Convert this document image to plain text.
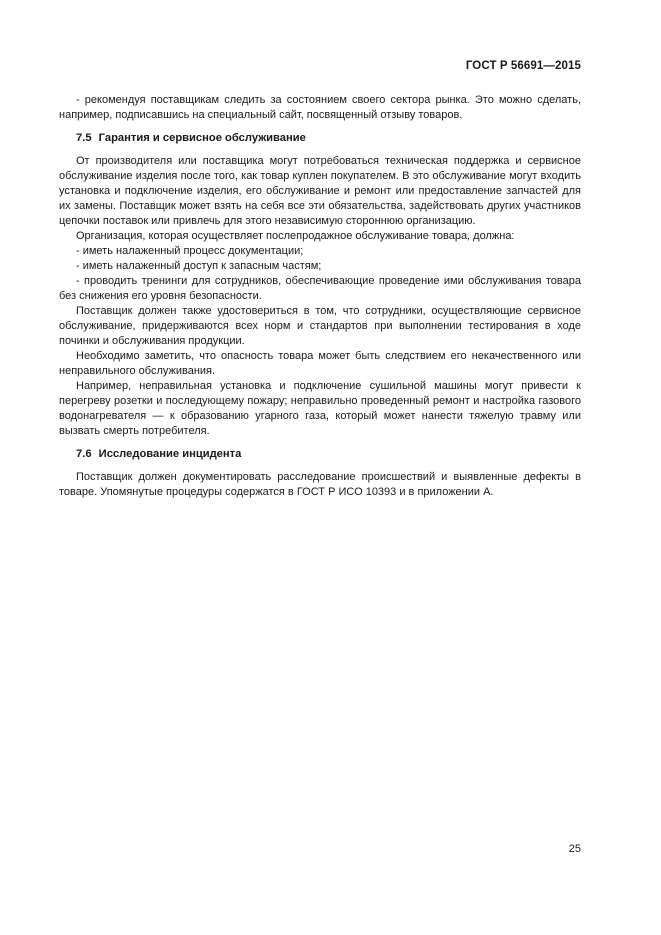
ГОСТ Р 56691—2015

- рекомендуя поставщикам следить за состоянием своего сектора рынка. Это можно сделать, например, подписавшись на специальный сайт, посвященный отзыву товаров.

7.5 Гарантия и сервисное обслуживание

От производителя или поставщика могут потребоваться техническая поддержка и сервисное обслуживание изделия после того, как товар куплен покупателем. В это обслуживание могут входить установка и подключение изделия, его обслуживание и ремонт или предоставление запчастей для их замены. Поставщик может взять на себя все эти обязательства, задействовать других участников цепочки поставок или привлечь для этого независимую стороннюю организацию.

Организация, которая осуществляет послепродажное обслуживание товара, должна:

- иметь налаженный процесс документации;

- иметь налаженный доступ к запасным частям;

- проводить тренинги для сотрудников, обеспечивающие проведение ими обслуживания товара без снижения его уровня безопасности.

Поставщик должен также удостовериться в том, что сотрудники, осуществляющие сервисное обслуживание, придерживаются всех норм и стандартов при выполнении тестирования в ходе починки и обслуживания продукции.

Необходимо заметить, что опасность товара может быть следствием его некачественного или неправильного обслуживания.

Например, неправильная установка и подключение сушильной машины могут привести к перегреву розетки и последующему пожару; неправильно проведенный ремонт и настройка газового водонагревателя — к образованию угарного газа, который может нанести тяжелую травму или вызвать смерть потребителя.

7.6 Исследование инцидента

Поставщик должен документировать расследование происшествий и выявленные дефекты в товаре. Упомянутые процедуры содержатся в ГОСТ Р ИСО 10393 и в приложении А.

25
